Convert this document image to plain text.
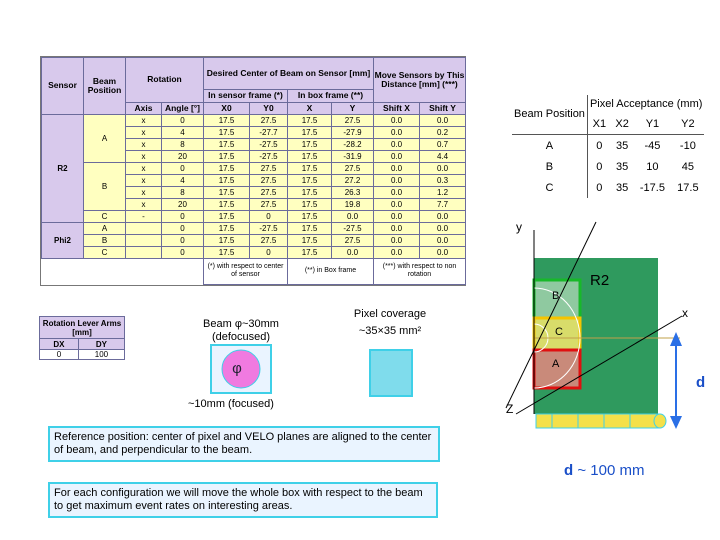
Sensor	Beam Position	Rotation		Desired Center of Beam on Sensor [mm]				Move Sensors by This Distance [mm] (***)	
				In sensor frame (*)		In box frame (**)			
		Axis	Angle [°]	X0	Y0	X	Y	Shift X	Shift Y
R2	A	x	0	17.5	27.5	17.5	27.5	0.0	0.0
		x	4	17.5	-27.7	17.5	-27.9	0.0	0.2
		x	8	17.5	-27.5	17.5	-28.2	0.0	0.7
		x	20	17.5	-27.5	17.5	-31.9	0.0	4.4
	B	x	0	17.5	27.5	17.5	27.5	0.0	0.0
		x	4	17.5	27.5	17.5	27.2	0.0	0.3
		x	8	17.5	27.5	17.5	26.3	0.0	1.2
		x	20	17.5	27.5	17.5	19.8	0.0	7.7
	C	-	0	17.5	0	17.5	0.0	0.0	0.0
Phi2	A		0	17.5	-27.5	17.5	-27.5	0.0	0.0
	B		0	17.5	27.5	17.5	27.5	0.0	0.0
	C		0	17.5	0	17.5	0.0	0.0	0.0
				(*) with respect to center of sensor		(**) in Box frame		(***) with respect to non rotation	
Beam Position	Pixel Acceptance (mm)			
	X1	X2	Y1	Y2
A	0	35	-45	-10
B	0	35	10	45
C	0	35	-17.5	17.5
Rotation Lever Arms [mm]	
DX	DY
0	100
Beam φ~30mm (defocused)
φ
~10mm (focused)
Pixel coverage ~35×35 mm²
y
x
Z
R2
B
C
A
d
d ~ 100 mm
Reference position: center of pixel and VELO planes are aligned to the center of beam, and perpendicular to the beam.
For each configuration we will move the whole box with respect to the beam to get maximum event rates on interesting areas.
